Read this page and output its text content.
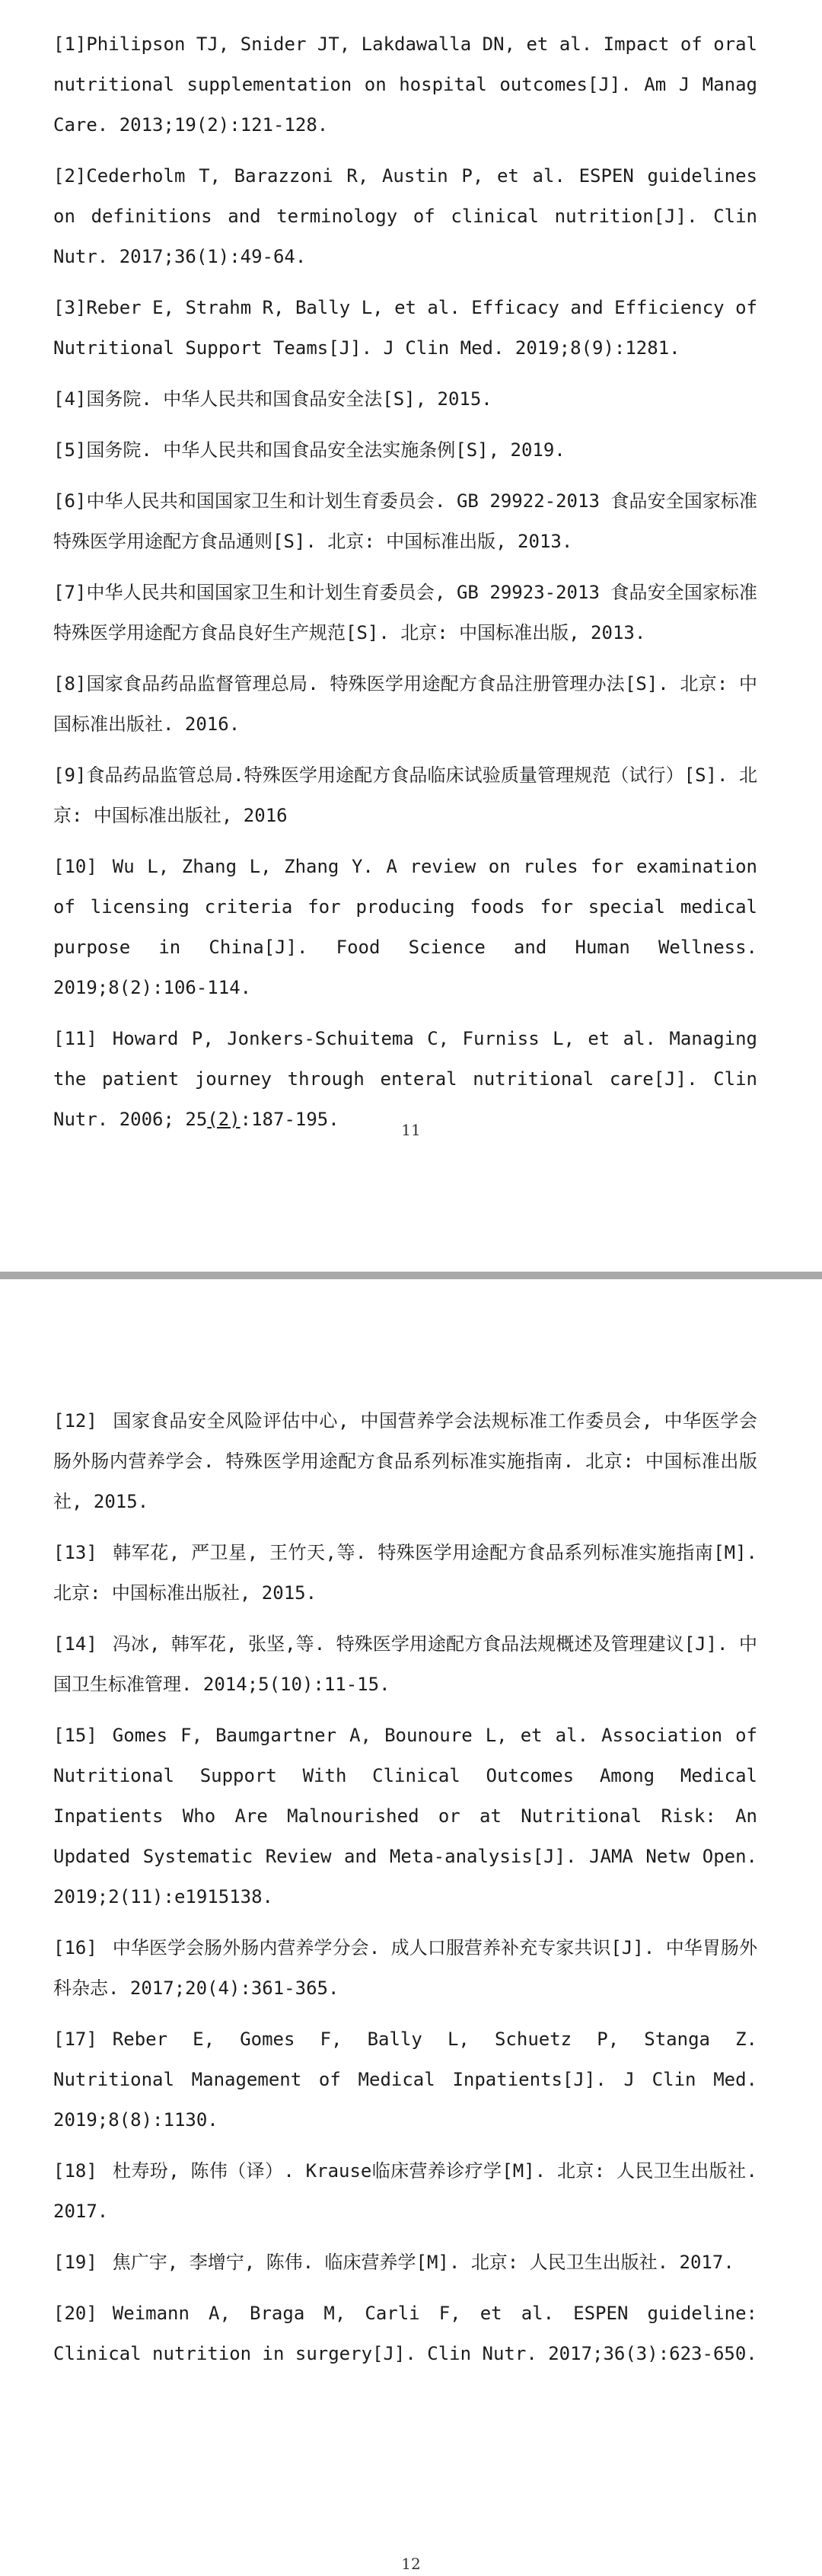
[1]Philipson TJ, Snider JT, Lakdawalla DN, et al. Impact of oral nutritional supplementation on hospital outcomes[J]. Am J Manag Care. 2013;19(2):121-128.
[2]Cederholm T, Barazzoni R, Austin P, et al. ESPEN guidelines on definitions and terminology of clinical nutrition[J]. Clin Nutr. 2017;36(1):49-64.
[3]Reber E, Strahm R, Bally L, et al. Efficacy and Efficiency of Nutritional Support Teams[J]. J Clin Med. 2019;8(9):1281.
[4]国务院. 中华人民共和国食品安全法[S], 2015.
[5]国务院. 中华人民共和国食品安全法实施条例[S], 2019.
[6]中华人民共和国国家卫生和计划生育委员会. GB 29922-2013 食品安全国家标准特殊医学用途配方食品通则[S]. 北京: 中国标准出版, 2013.
[7]中华人民共和国国家卫生和计划生育委员会, GB 29923-2013 食品安全国家标准特殊医学用途配方食品良好生产规范[S]. 北京: 中国标准出版, 2013.
[8]国家食品药品监督管理总局. 特殊医学用途配方食品注册管理办法[S]. 北京: 中国标准出版社. 2016.
[9]食品药品监管总局.特殊医学用途配方食品临床试验质量管理规范（试行）[S]. 北京: 中国标准出版社, 2016
[10] Wu L, Zhang L, Zhang Y. A review on rules for examination of licensing criteria for producing foods for special medical purpose in China[J]. Food Science and Human Wellness. 2019;8(2):106-114.
[11] Howard P, Jonkers-Schuitema C, Furniss L, et al. Managing the patient journey through enteral nutritional care[J]. Clin Nutr. 2006; 25(2):187-195.	11
[12] 国家食品安全风险评估中心, 中国营养学会法规标准工作委员会, 中华医学会肠外肠内营养学会. 特殊医学用途配方食品系列标准实施指南. 北京: 中国标准出版社, 2015.
[13] 韩军花, 严卫星, 王竹天,等. 特殊医学用途配方食品系列标准实施指南[M]. 北京: 中国标准出版社, 2015.
[14] 冯冰, 韩军花, 张坚,等. 特殊医学用途配方食品法规概述及管理建议[J]. 中国卫生标准管理. 2014;5(10):11-15.
[15] Gomes F, Baumgartner A, Bounoure L, et al. Association of Nutritional Support With Clinical Outcomes Among Medical Inpatients Who Are Malnourished or at Nutritional Risk: An Updated Systematic Review and Meta-analysis[J]. JAMA Netw Open. 2019;2(11):e1915138.
[16] 中华医学会肠外肠内营养学分会. 成人口服营养补充专家共识[J]. 中华胃肠外科杂志. 2017;20(4):361-365.
[17] Reber E, Gomes F, Bally L, Schuetz P, Stanga Z. Nutritional Management of Medical Inpatients[J]. J Clin Med. 2019;8(8):1130.
[18] 杜寿玢, 陈伟（译）. Krause临床营养诊疗学[M]. 北京: 人民卫生出版社. 2017.
[19] 焦广宇, 李增宁, 陈伟. 临床营养学[M]. 北京: 人民卫生出版社. 2017.
[20] Weimann A, Braga M, Carli F, et al. ESPEN guideline: Clinical nutrition in surgery[J]. Clin Nutr. 2017;36(3):623-650.
12
